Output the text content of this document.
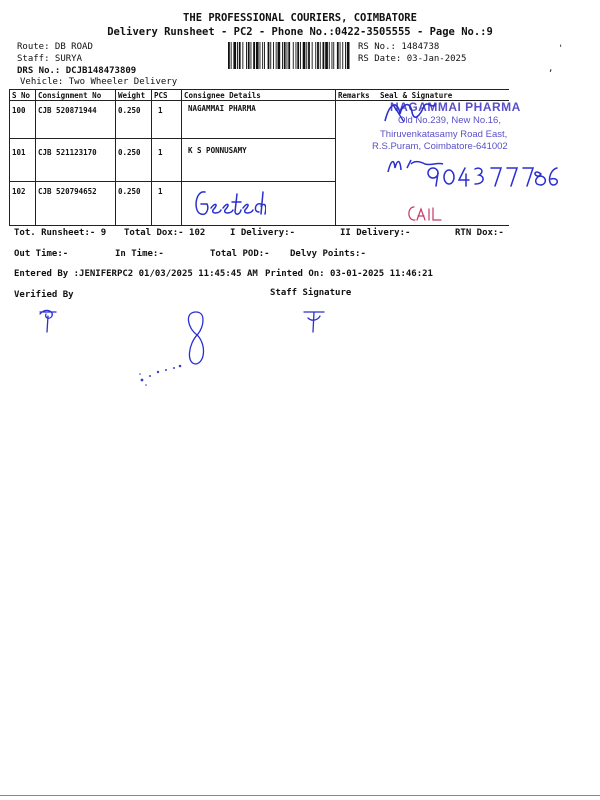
THE PROFESSIONAL COURIERS, COIMBATORE
Delivery Runsheet - PC2 - Phone No.:0422-3505555 - Page No.:9
Route: DB ROAD
Staff: SURYA
DRS No.: DCJB148473809
Vehicle: Two Wheeler Delivery
RS No.: 1484738
RS Date: 03-Jan-2025
'
,
S No Consignment No Weight PCS Consignee Details	Remarks Seal & Signature
100 CJB 520871944	0.250 1	NAGAMMAI PHARMA
101 CJB 521123170	0.250 1	K S PONNUSAMY
102 CJB 520794652	0.250 1
NAGAMMAI PHARMA
Old No.239, New No.16,
Thiruvenkatasamy Road East,
R.S.Puram, Coimbatore-641002
Tot. Runsheet:- 9 Total Dox:- 102	I Delivery:-	II Delivery:-	RTN Dox:-
Out Time:-	In Time:-	Total POD:- Delvy Points:-
Entered By :JENIFERPC2 01/03/2025 11:45:45 AM Printed On: 03-01-2025 11:46:21
Verified By	Staff Signature
